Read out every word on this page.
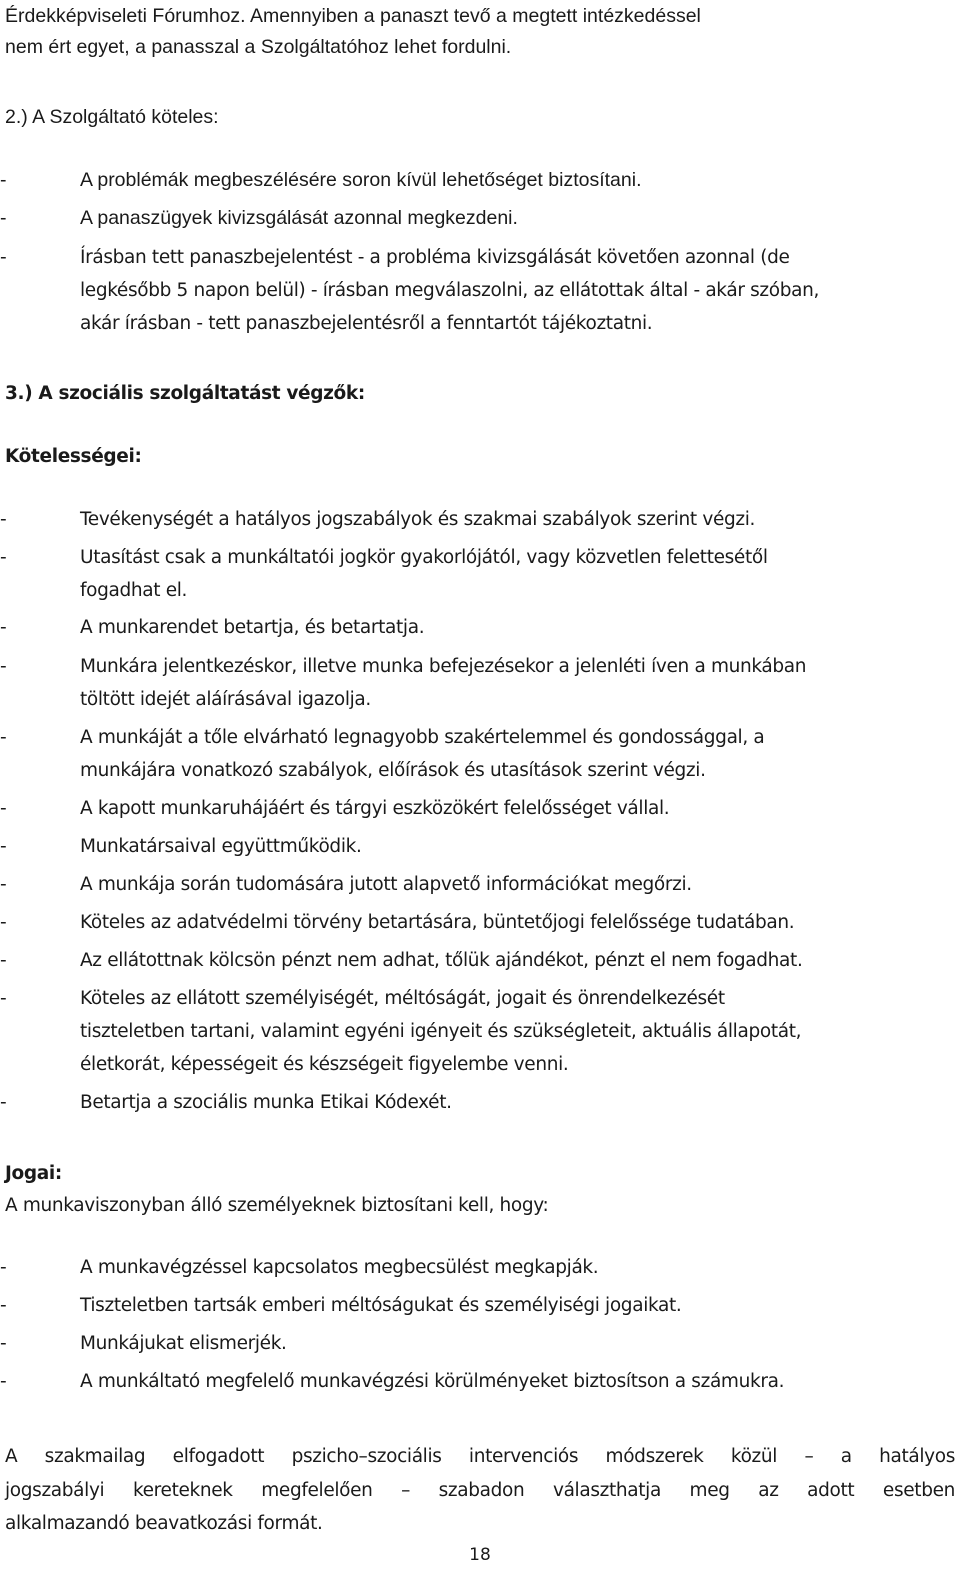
Érdekképviseleti Fórumhoz. Amennyiben a panaszt tevő a megtett intézkedéssel
nem ért egyet, a panasszal a Szolgáltatóhoz lehet fordulni.
2.) A Szolgáltató köteles:
-	A problémák megbeszélésére soron kívül lehetőséget biztosítani.
-	A panaszügyek kivizsgálását azonnal megkezdeni.
-	Írásban tett panaszbejelentést - a probléma kivizsgálását követően azonnal (de
legkésőbb 5 napon belül) - írásban megválaszolni, az ellátottak által - akár szóban,
akár írásban - tett panaszbejelentésről a fenntartót tájékoztatni.
3.) A szociális szolgáltatást végzők:
Kötelességei:
-	Tevékenységét a hatályos jogszabályok és szakmai szabályok szerint végzi.
-	Utasítást csak a munkáltatói jogkör gyakorlójától, vagy közvetlen felettesétől
fogadhat el.
-	A munkarendet betartja, és betartatja.
-	Munkára jelentkezéskor, illetve munka befejezésekor a jelenléti íven a munkában
töltött idejét aláírásával igazolja.
-	A munkáját a tőle elvárható legnagyobb szakértelemmel és gondossággal, a
munkájára vonatkozó szabályok, előírások és utasítások szerint végzi.
-	A kapott munkaruhájáért és tárgyi eszközökért felelősséget vállal.
-	Munkatársaival együttműködik.
-	A munkája során tudomására jutott alapvető információkat megőrzi.
-	Köteles az adatvédelmi törvény betartására, büntetőjogi felelőssége tudatában.
-	Az ellátottnak kölcsön pénzt nem adhat, tőlük ajándékot, pénzt el nem fogadhat.
-	Köteles az ellátott személyiségét, méltóságát, jogait és önrendelkezését
tiszteletben tartani, valamint egyéni igényeit és szükségleteit, aktuális állapotát,
életkorát, képességeit és készségeit figyelembe venni.
-	Betartja a szociális munka Etikai Kódexét.
Jogai:
A munkaviszonyban álló személyeknek biztosítani kell, hogy:
-	A munkavégzéssel kapcsolatos megbecsülést megkapják.
-	Tiszteletben tartsák emberi méltóságukat és személyiségi jogaikat.
-	Munkájukat elismerjék.
-	A munkáltató megfelelő munkavégzési körülményeket biztosítson a számukra.
A szakmailag elfogadott pszicho–szociális intervenciós módszerek közül – a hatályos
jogszabályi kereteknek megfelelően – szabadon választhatja meg az adott esetben
alkalmazandó beavatkozási formát.
18
